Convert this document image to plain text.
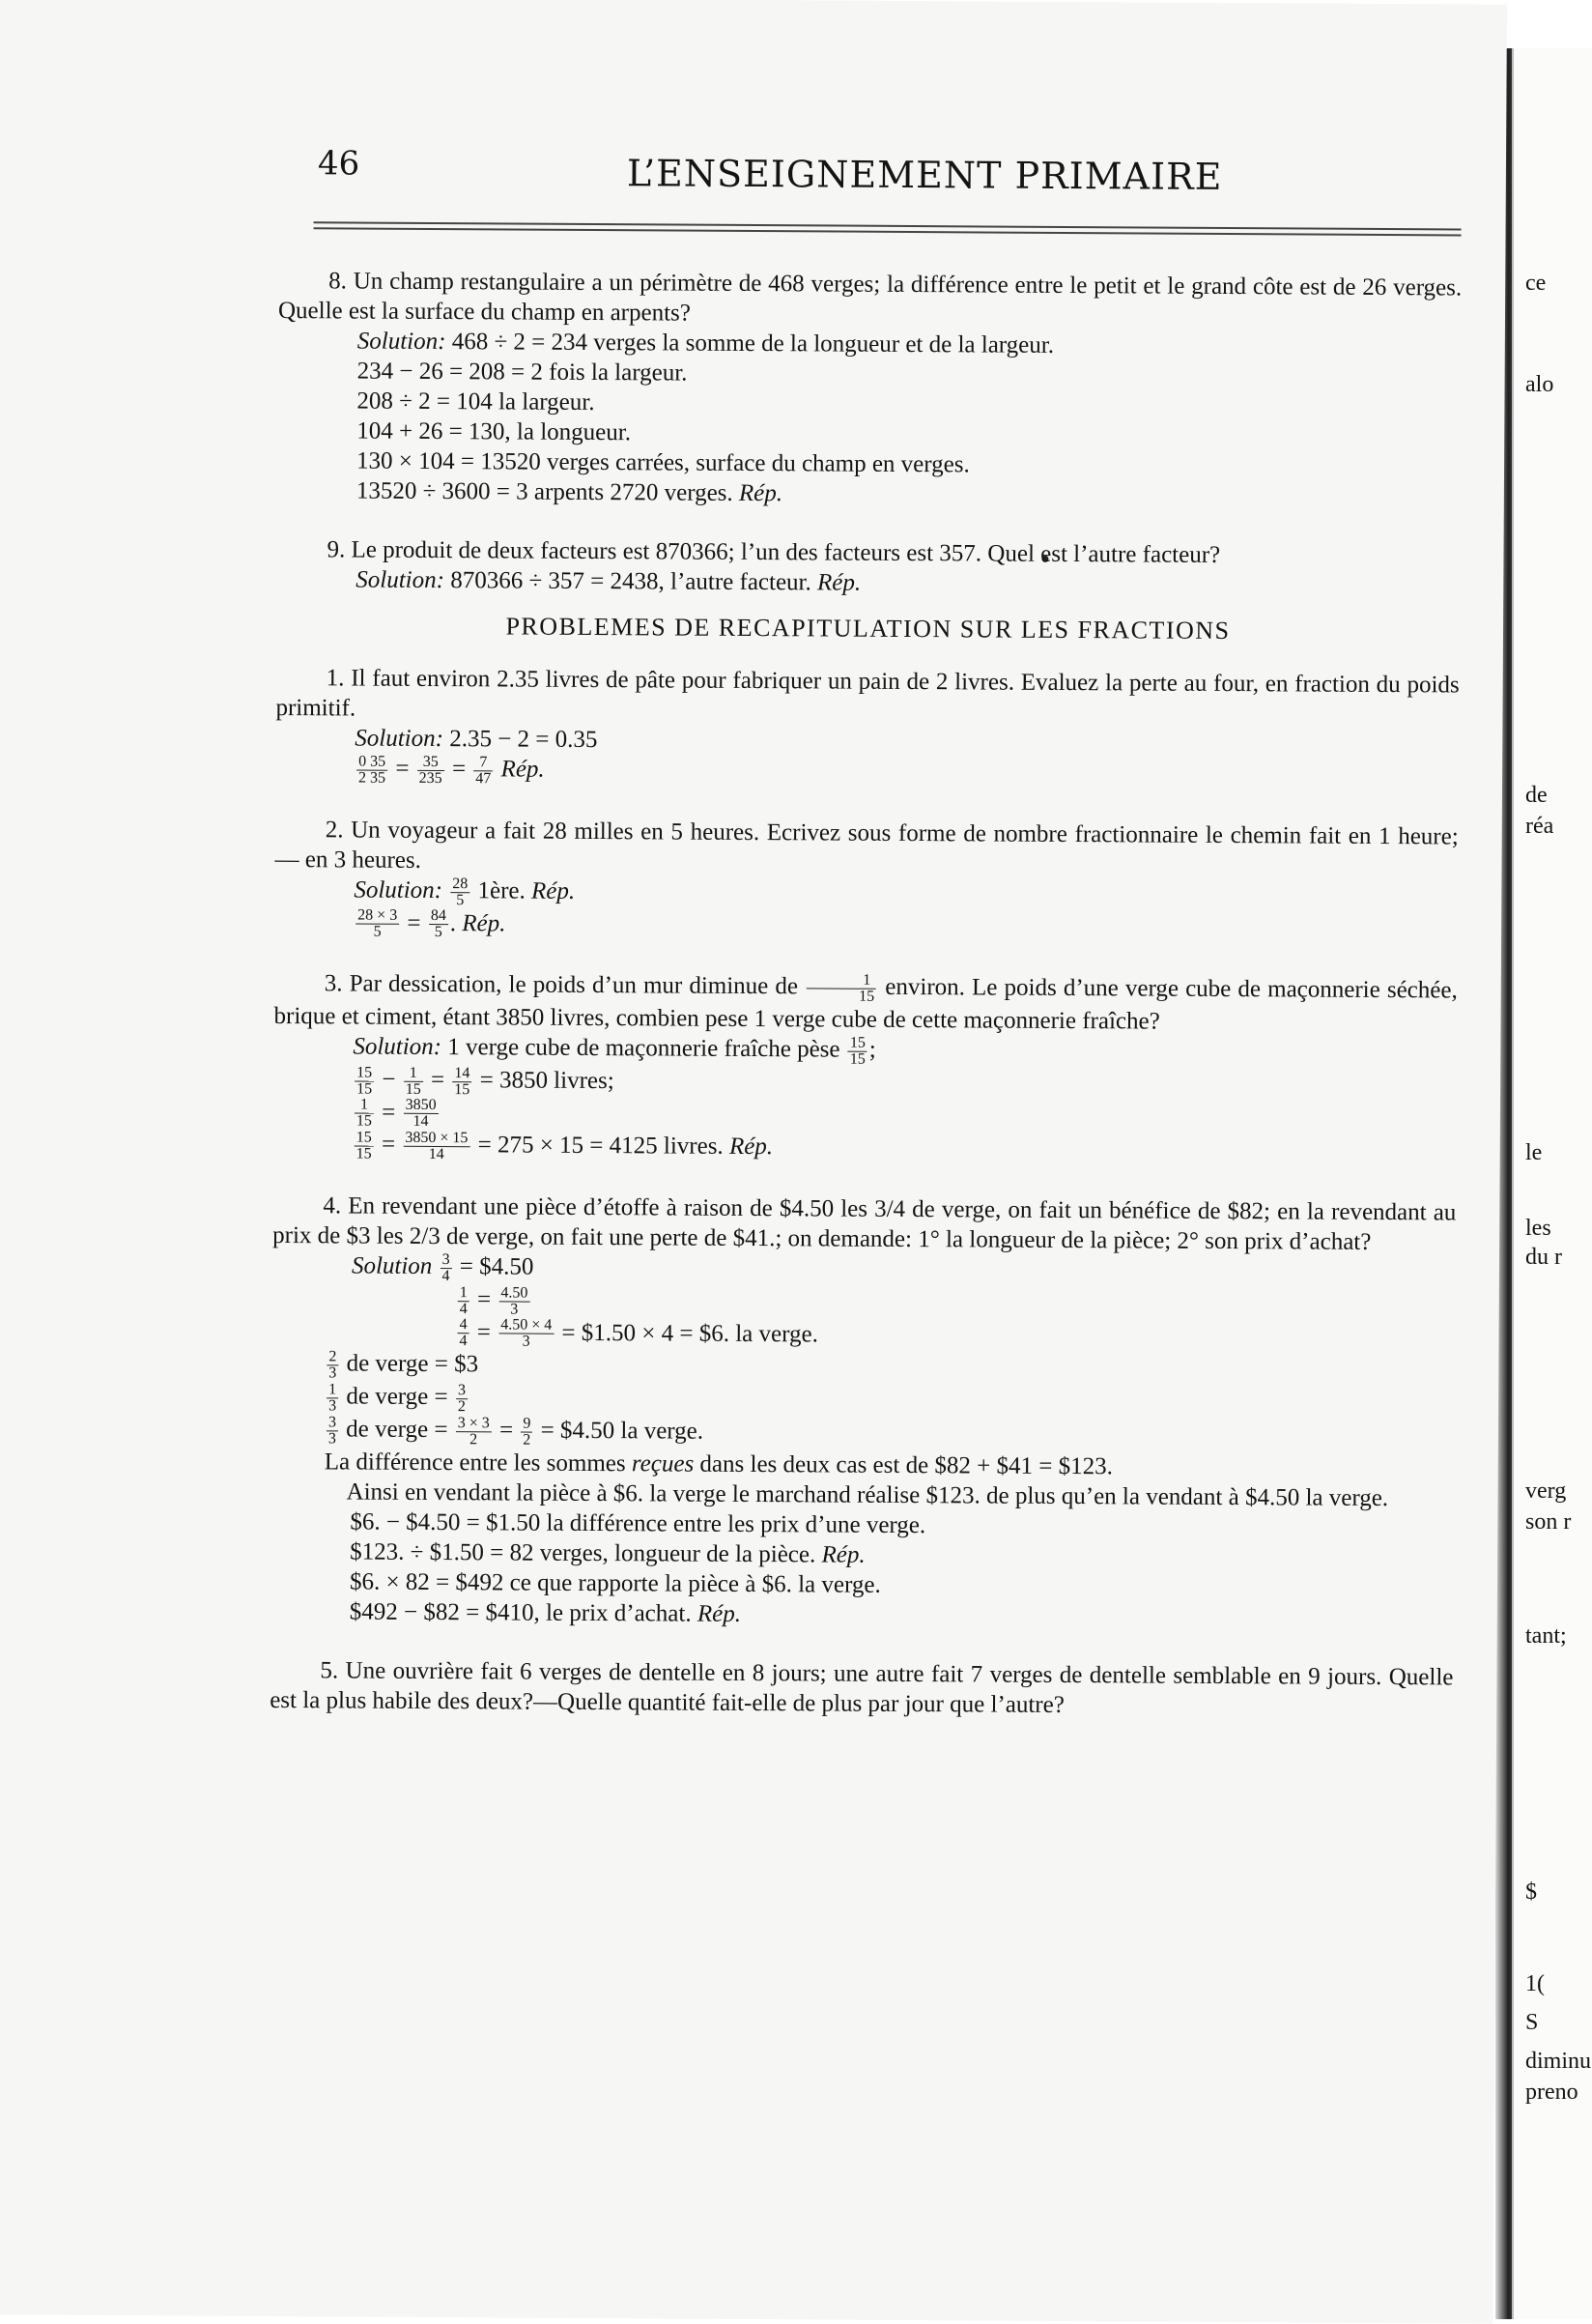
ce
alo
de
réa
le
les
du r
verg
son r
tant;
$
1(
S
diminu
preno
46	L’ENSEIGNEMENT PRIMAIRE

8. Un champ restangulaire a un périmètre de 468 verges; la différence entre le petit et le grand côte est de 26 verges. Quelle est la surface du champ en arpents?

Solution: 468 ÷ 2 = 234 verges la somme de la longueur et de la largeur.

234 − 26 = 208 = 2 fois la largeur.

208 ÷ 2 = 104 la largeur.

104 + 26 = 130, la longueur.

130 × 104 = 13520 verges carrées, surface du champ en verges.

13520 ÷ 3600 = 3 arpents 2720 verges. Rép.

9. Le produit de deux facteurs est 870366; l’un des facteurs est 357. Quel est l’autre facteur?

Solution: 870366 ÷ 357 = 2438, l’autre facteur. Rép.

PROBLEMES DE RECAPITULATION SUR LES FRACTIONS

1. Il faut environ 2.35 livres de pâte pour fabriquer un pain de 2 livres. Evaluez la perte au four, en fraction du poids primitif.

Solution: 2.35 − 2 = 0.35

$\frac{0 35}{2 35} = \frac{35}{235} = \frac{7}{47}$ Rép.

2. Un voyageur a fait 28 milles en 5 heures. Ecrivez sous forme de nombre fractionnaire le chemin fait en 1 heure; — en 3 heures.

Solution: $\frac{28}{5}$ 1ère. Rép.

$\frac{28 \times 3}{5} = \frac{84}{5}$ . Rép.

3. Par dessication, le poids d’un mur diminue de $\frac{1}{15}$ environ. Le poids d’une verge cube de maçonnerie séchée, brique et ciment, étant 3850 livres, combien pese 1 verge cube de cette maçonnerie fraîche?

Solution: 1 verge cube de maçonnerie fraîche pèse $\frac{15}{15}$ ;

$\frac{15}{15} - \frac{1}{15} = \frac{14}{15} = 3850$ livres;

$\frac{1}{15} = \frac{3850}{14}$

$\frac{15}{15} = \frac{3850 \times 15}{14} = 275 \times 15 = 4125$ livres. Rép.

4. En revendant une pièce d’étoffe à raison de $4.50 les 3/4 de verge, on fait un bénéfice de $82; en la revendant au prix de $3 les 2/3 de verge, on fait une perte de $41.; on demande: 1° la longueur de la pièce; 2° son prix d’achat?

Solution $\frac{3}{4}$ = $4.50

$\frac{1}{4} = \frac{4.50}{3}$

$\frac{4}{4} = \frac{4.50 \times 4}{3}$ = $1.50 × 4 = $6. la verge.

$\frac{2}{3}$ de verge = $3

$\frac{1}{3}$ de verge = $\frac{3}{2}$

$\frac{3}{3}$ de verge = $\frac{3 \times 3}{2} = \frac{9}{2}$ = $4.50 la verge.

La différence entre les sommes reçues dans les deux cas est de $82 + $41 = $123.

Ainsi en vendant la pièce à $6. la verge le marchand réalise $123. de plus qu’en la vendant à $4.50 la verge.

$6. − $4.50 = $1.50 la différence entre les prix d’une verge.

$123. ÷ $1.50 = 82 verges, longueur de la pièce. Rép.

$6. × 82 = $492 ce que rapporte la pièce à $6. la verge.

$492 − $82 = $410, le prix d’achat. Rép.

5. Une ouvrière fait 6 verges de dentelle en 8 jours; une autre fait 7 verges de dentelle semblable en 9 jours. Quelle est la plus habile des deux?—Quelle quantité fait-elle de plus par jour que l’autre?
